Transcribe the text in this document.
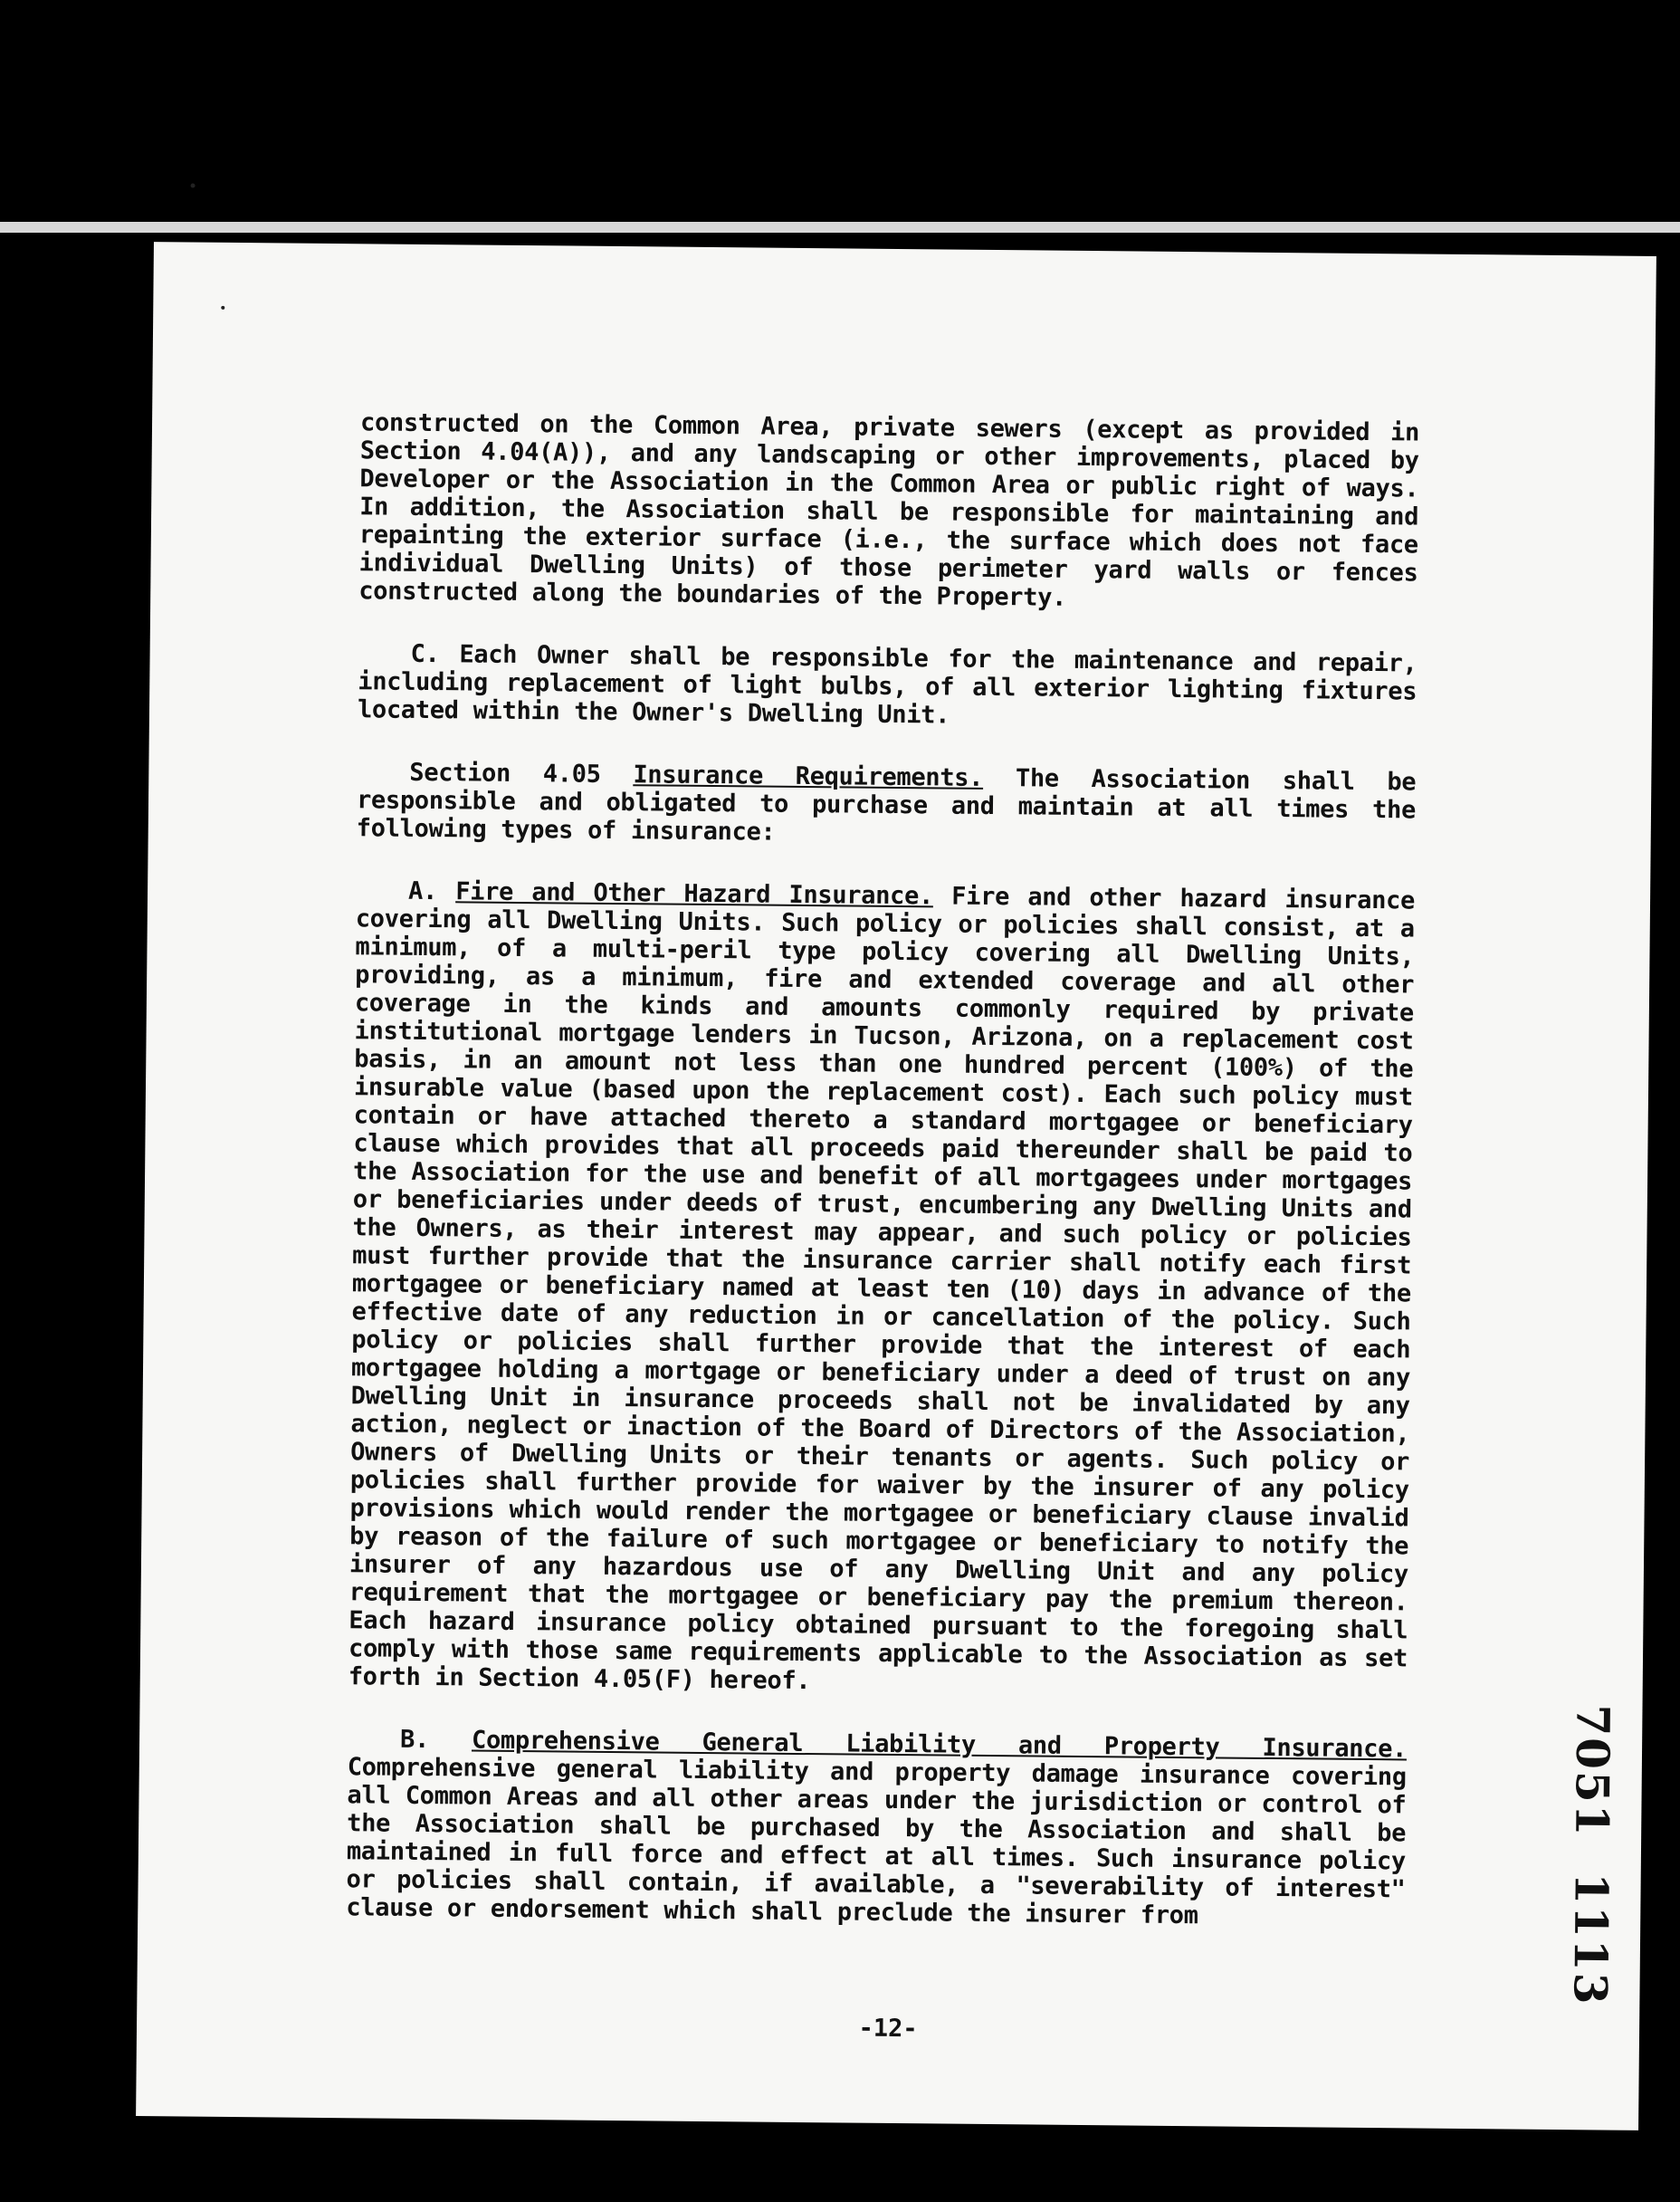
constructed on the Common Area, private sewers (except as provided in Section 4.04(A)), and any landscaping or other improvements, placed by Developer or the Association in the Common Area or public right of ways. In addition, the Association shall be responsible for maintaining and repainting the exterior surface (i.e., the surface which does not face individual Dwelling Units) of those perimeter yard walls or fences constructed along the boundaries of the Property.

C. Each Owner shall be responsible for the maintenance and repair, including replacement of light bulbs, of all exterior lighting fixtures located within the Owner's Dwelling Unit.

Section 4.05 Insurance Requirements. The Association shall be responsible and obligated to purchase and maintain at all times the following types of insurance:

A. Fire and Other Hazard Insurance. Fire and other hazard insurance covering all Dwelling Units. Such policy or policies shall consist, at a minimum, of a multi-peril type policy covering all Dwelling Units, providing, as a minimum, fire and extended coverage and all other coverage in the kinds and amounts commonly required by private institutional mortgage lenders in Tucson, Arizona, on a replacement cost basis, in an amount not less than one hundred percent (100%) of the insurable value (based upon the replacement cost). Each such policy must contain or have attached thereto a standard mortgagee or beneficiary clause which provides that all proceeds paid thereunder shall be paid to the Association for the use and benefit of all mortgagees under mortgages or beneficiaries under deeds of trust, encumbering any Dwelling Units and the Owners, as their interest may appear, and such policy or policies must further provide that the insurance carrier shall notify each first mortgagee or beneficiary named at least ten (10) days in advance of the effective date of any reduction in or cancellation of the policy. Such policy or policies shall further provide that the interest of each mortgagee holding a mortgage or beneficiary under a deed of trust on any Dwelling Unit in insurance proceeds shall not be invalidated by any action, neglect or inaction of the Board of Directors of the Association, Owners of Dwelling Units or their tenants or agents. Such policy or policies shall further provide for waiver by the insurer of any policy provisions which would render the mortgagee or beneficiary clause invalid by reason of the failure of such mortgagee or beneficiary to notify the insurer of any hazardous use of any Dwelling Unit and any policy requirement that the mortgagee or beneficiary pay the premium thereon. Each hazard insurance policy obtained pursuant to the foregoing shall comply with those same requirements applicable to the Association as set forth in Section 4.05(F) hereof.

B. Comprehensive General Liability and Property Insurance. Comprehensive general liability and property damage insurance covering all Common Areas and all other areas under the jurisdiction or control of the Association shall be purchased by the Association and shall be maintained in full force and effect at all times. Such insurance policy or policies shall contain, if available, a "severability of interest" clause or endorsement which shall preclude the insurer from

-12-
7051  1113
